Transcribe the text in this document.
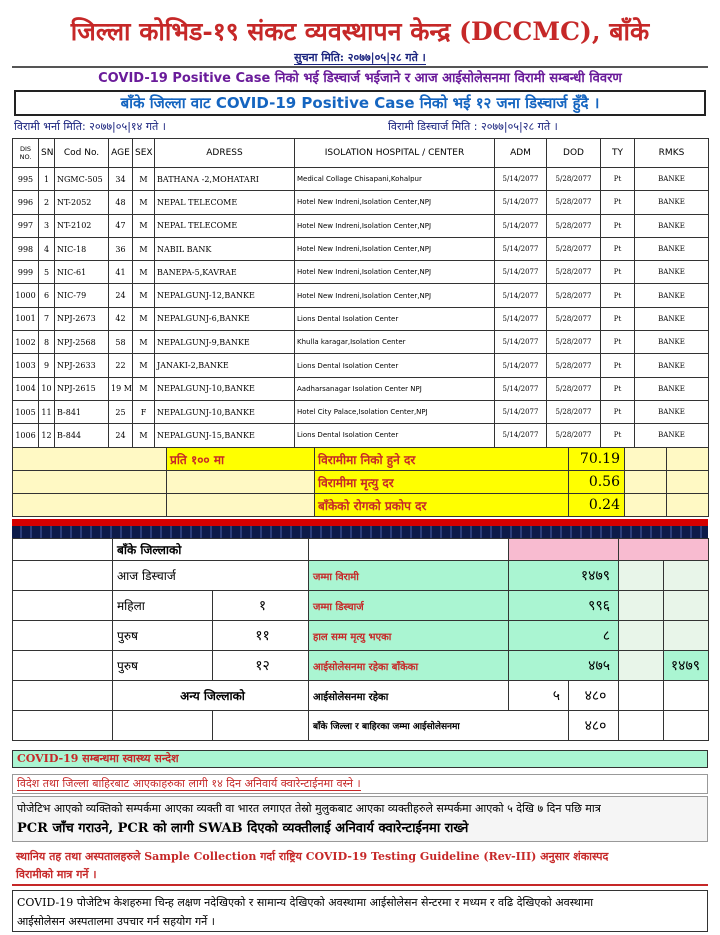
जिल्ला कोभिड-१९ संकट व्यवस्थापन केन्द्र (DCCMC), बाँके
सुचना मिति: २०७७|०५|२८ गते ।
COVID-19 Positive Case निको भई डिस्चार्ज भईजाने र आज आईसोलेसनमा विरामी सम्बन्धी विवरण
बाँके जिल्ला वाट COVID-19 Positive Case निको भई १२ जना डिस्चार्ज हुँदै ।
विरामी भर्ना मिति: २०७७|०५|१४ गते ।	विरामी डिस्चार्ज मिति : २०७७|०५|२८ गते ।
DIS NO.	SN	Cod No.	AGE	SEX	ADRESS	ISOLATION HOSPITAL / CENTER	ADM	DOD	TY	RMKS
995	1	NGMC-505	34	M	BATHANA -2,MOHATARI	Medical Collage Chisapani,Kohalpur	5/14/2077	5/28/2077	Pt	BANKE
996	2	NT-2052	48	M	NEPAL TELECOME	Hotel New Indreni,Isolation Center,NPJ	5/14/2077	5/28/2077	Pt	BANKE
997	3	NT-2102	47	M	NEPAL TELECOME	Hotel New Indreni,Isolation Center,NPJ	5/14/2077	5/28/2077	Pt	BANKE
998	4	NIC-18	36	M	NABIL BANK	Hotel New Indreni,Isolation Center,NPJ	5/14/2077	5/28/2077	Pt	BANKE
999	5	NIC-61	41	M	BANEPA-5,KAVRAE	Hotel New Indreni,Isolation Center,NPJ	5/14/2077	5/28/2077	Pt	BANKE
1000	6	NIC-79	24	M	NEPALGUNJ-12,BANKE	Hotel New Indreni,Isolation Center,NPJ	5/14/2077	5/28/2077	Pt	BANKE
1001	7	NPJ-2673	42	M	NEPALGUNJ-6,BANKE	Lions Dental Isolation Center	5/14/2077	5/28/2077	Pt	BANKE
1002	8	NPJ-2568	58	M	NEPALGUNJ-9,BANKE	Khulla karagar,Isolation Center	5/14/2077	5/28/2077	Pt	BANKE
1003	9	NPJ-2633	22	M	JANAKI-2,BANKE	Lions Dental Isolation Center	5/14/2077	5/28/2077	Pt	BANKE
1004	10	NPJ-2615	19 M	M	NEPALGUNJ-10,BANKE	Aadharsanagar Isolation Center NPJ	5/14/2077	5/28/2077	Pt	BANKE
1005	11	B-841	25	F	NEPALGUNJ-10,BANKE	Hotel City Palace,Isolation Center,NPJ	5/14/2077	5/28/2077	Pt	BANKE
1006	12	B-844	24	M	NEPALGUNJ-15,BANKE	Lions Dental Isolation Center	5/14/2077	5/28/2077	Pt	BANKE
	प्रति १०० मा	विरामीमा निको हुने दर	70.19		
		विरामीमा मृत्यु दर	0.56		
		बाँकेको रोगको प्रकोप दर	0.24		
	बाँके जिल्लाको						
	आज डिस्चार्ज		जम्मा विरामी	१४७९			
	महिला	१	जम्मा डिस्चार्ज	९९६			
	पुरुष	११	हाल सम्म मृत्यु भएका	८			
	पुरुष	१२	आईसोलेसनमा रहेका बाँकेका	४७५			१४७९
	अन्य जिल्लाको		आईसोलेसनमा रहेका	५	४८०		
			बाँके जिल्ला र बाहिरका जम्मा आईसोलेसनमा		४८०		
COVID-19 सम्बन्धमा स्वास्थ्य सन्देश
विदेश तथा जिल्ला बाहिरबाट आएकाहरुका लागी १४ दिन अनिवार्य क्वारेन्टाईनमा वस्ने ।
पोजेटिभ आएको व्यक्तिको सम्पर्कमा आएका व्यक्ती वा भारत लगाएत तेस्रो मुलुकबाट आएका व्यक्तीहरुले सम्पर्कमा आएको ५ देखि ७ दिन पछि मात्र
PCR जाँच गराउने, PCR को लागी SWAB दिएको व्यक्तीलाई अनिवार्य क्वारेन्टाईनमा राख्ने
स्थानिय तह तथा अस्पतालहरुले Sample Collection गर्दा राष्ट्रिय COVID-19 Testing Guideline (Rev-III) अनुसार शंकास्पद
विरामीको मात्र गर्ने ।
COVID-19 पोजेटिभ केशहरुमा चिन्ह लक्षण नदेखिएको र सामान्य देखिएको अवस्थामा आईसोलेसन सेन्टरमा र मध्यम र वढि देखिएको अवस्थामा
आईसोलेसन अस्पतालमा उपचार गर्न सहयोग गर्ने ।
